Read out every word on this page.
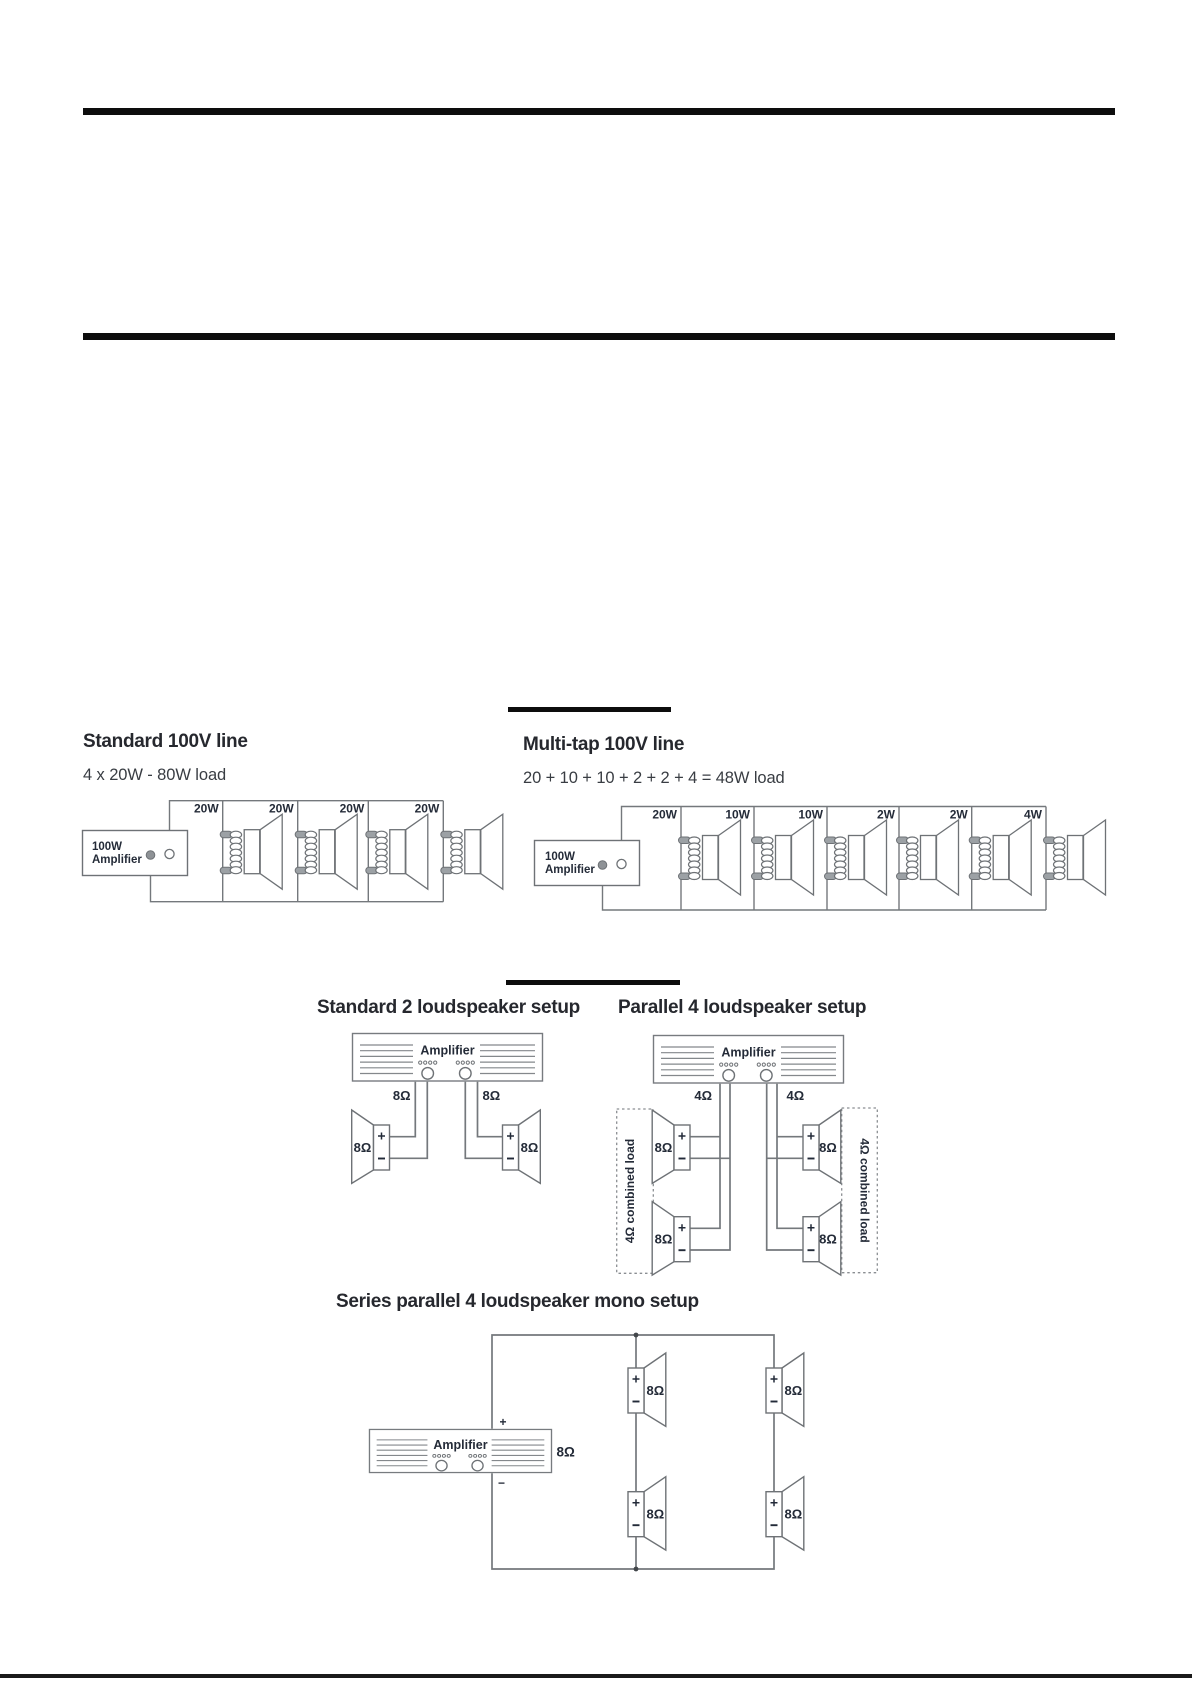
Standard 100V line
4 x 20W - 80W load
Multi-tap 100V line
20 + 10 + 10 + 2 + 2 + 4 = 48W load
Standard 2 loudspeaker setup Parallel 4 loudspeaker setup
Series parallel 4 loudspeaker mono setup
100W
Amplifier
20W	20W	20W	20W
100W
Amplifier
20W	10W	10W	2W	2W	4W
Amplifier
8Ω	8Ω
8Ω	8Ω	4Ω combined load	4Ω combined load
Amplifier
4Ω	4Ω
8Ω	8Ω
8Ω	8Ω
Amplifier
+
−
8Ω
8Ω	8Ω
8Ω	8Ω
